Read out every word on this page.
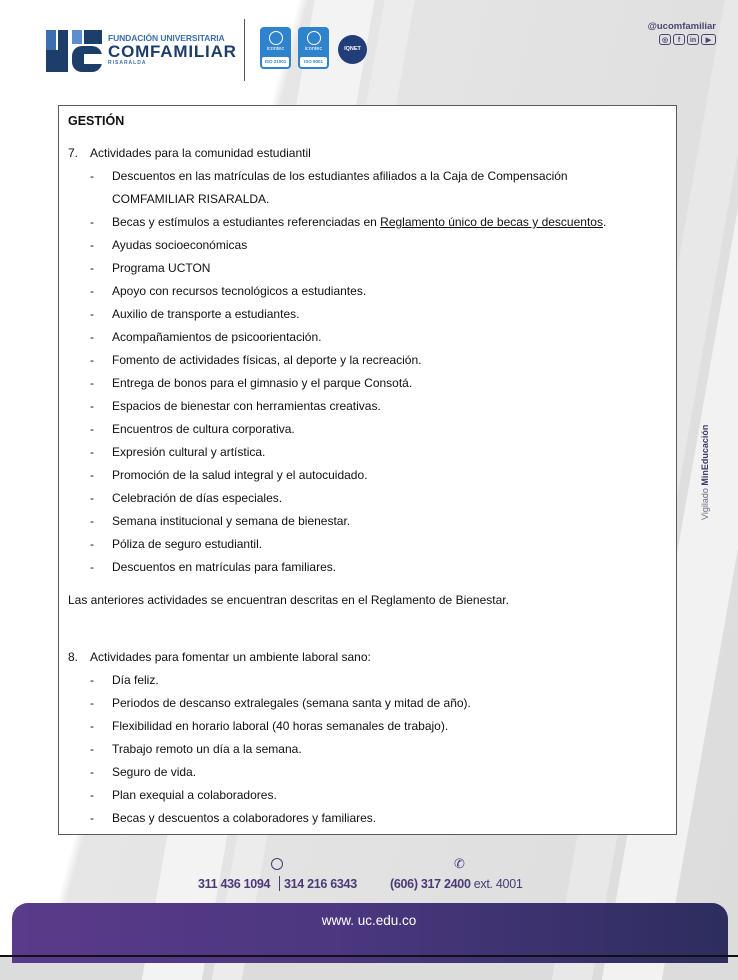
FUNDACIÓN UNIVERSITARIA
COMFAMILIAR
RISARALDA
icontec
ISO 21001
icontec
ISO 9001
IQNET
@ucomfamiliar
◎	f	in	▶
GESTIÓN
7. Actividades para la comunidad estudiantil
- Descuentos en las matrículas de los estudiantes afiliados a la Caja de Compensación
COMFAMILIAR RISARALDA.
- Becas y estímulos a estudiantes referenciadas en Reglamento único de becas y descuentos.
- Ayudas socioeconómicas
- Programa UCTON
- Apoyo con recursos tecnológicos a estudiantes.
- Auxilio de transporte a estudiantes.
- Acompañamientos de psicoorientación.
- Fomento de actividades físicas, al deporte y la recreación.
- Entrega de bonos para el gimnasio y el parque Consotá.
- Espacios de bienestar con herramientas creativas.
- Encuentros de cultura corporativa.
- Expresión cultural y artística.
- Promoción de la salud integral y el autocuidado.
- Celebración de días especiales.
- Semana institucional y semana de bienestar.
- Póliza de seguro estudiantil.
- Descuentos en matrículas para familiares.
Las anteriores actividades se encuentran descritas en el Reglamento de Bienestar.
8. Actividades para fomentar un ambiente laboral sano:
- Día feliz.
- Periodos de descanso extralegales (semana santa y mitad de año).
- Flexibilidad en horario laboral (40 horas semanales de trabajo).
- Trabajo remoto un día a la semana.
- Seguro de vida.
- Plan exequial a colaboradores.
- Becas y descuentos a colaboradores y familiares.
Vigilado MinEducación
✆
311 436 1094 314 216 6343	(606) 317 2400 ext. 4001
www. uc.edu.co
